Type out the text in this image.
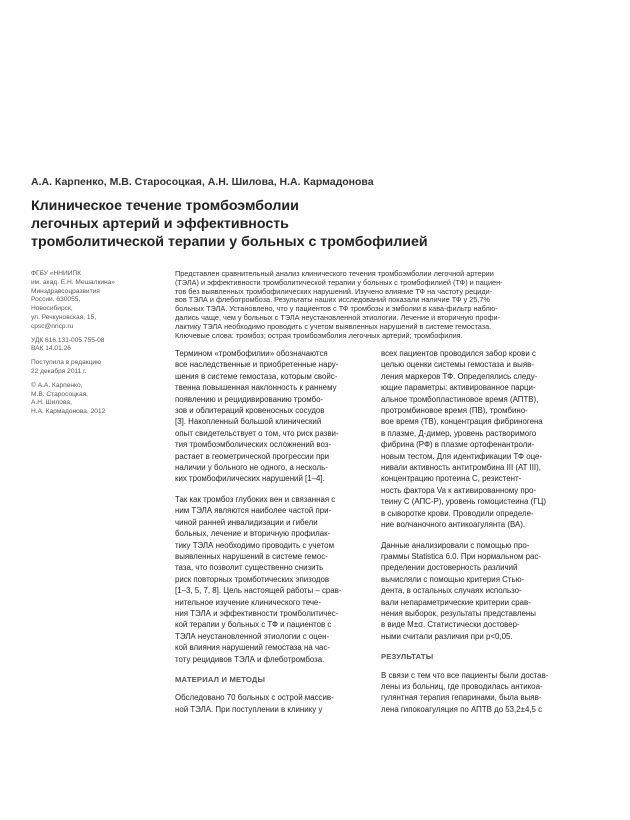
А.А. Карпенко, М.В. Старосоцкая, А.Н. Шилова, Н.А. Кармадонова
Клиническое течение тромбоэмболии
легочных артерий и эффективность
тромболитической терапии у больных с тромбофилией
ФГБУ «ННИИПК
им. акад. Е.Н. Мешалкина»
Минздравсоцразвития
России, 630055,
Новосибирск,
ул. Речкуновская, 15,
cpsc@nricp.ru
УДК 616.131-005.755-08
ВАК 14.01.26
Поступила в редакцию
22 декабря 2011 г.
© А.А. Карпенко,
М.В. Старосоцкая,
А.Н. Шилова,
Н.А. Кармадонова, 2012
Представлен сравнительный анализ клинического течения тромбоэмболии легочной артерии
(ТЭЛА) и эффективности тромболитической терапии у больных с тромбофилией (ТФ) и пациен-
тов без выявленных тромбофилических нарушений. Изучено влияние ТФ на частоту рециди-
вов ТЭЛА и флеботромбоза. Результаты наших исследований показали наличие ТФ у 25,7%
больных ТЭЛА. Установлено, что у пациентов с ТФ тромбозы и эмболии в кава-фильтр наблю-
дались чаще, чем у больных с ТЭЛА неустановленной этиологии. Лечение и вторичную профи-
лактику ТЭЛА необходимо проводить с учетом выявленных нарушений в системе гемостаза.
Ключевые слова: тромбоз; острая тромбоэмболия легочных артерий; тромбофилия.
Термином «тромбофилии» обозначаются
все наследственные и приобретенные нару-
шения в системе гемостаза, которым свойс-
твенна повышенная наклонность к раннему
появлению и рецидивированию тромбо-
зов и облитераций кровеносных сосудов
[3]. Накопленный большой клинический
опыт свидетельствует о том, что риск разви-
тия тромбоэмболических осложнений воз-
растает в геометрической прогрессии при
наличии у больного не одного, а несколь-
ких тромбофилических нарушений [1–4].
Так как тромбоз глубоких вен и связанная с
ним ТЭЛА являются наиболее частой при-
чиной ранней инвалидизации и гибели
больных, лечение и вторичную профилак-
тику ТЭЛА необходимо проводить с учетом
выявленных нарушений в системе гемос-
таза, что позволит существенно снизить
риск повторных тромботических эпизодов
[1–3, 5, 7, 8]. Цель настоящей работы – срав-
нительное изучение клинического тече-
ния ТЭЛА и эффективности тромболитичес-
кой терапии у больных с ТФ и пациентов с
ТЭЛА неустановленной этиологии с оцен-
кой влияния нарушений гемостаза на час-
тоту рецидивов ТЭЛА и флеботромбоза.
МАТЕРИАЛ И МЕТОДЫ
Обследовано 70 больных с острой массив-
ной ТЭЛА. При поступлении в клинику у
всех пациентов проводился забор крови с
целью оценки системы гемостаза и выяв-
ления маркеров ТФ. Определялись следу-
ющие параметры: активированное парци-
альное тромбопластиновое время (АПТВ),
протромбиновое время (ПВ), тромбино-
вое время (ТВ), концентрация фибриногена
в плазме, Д-димер, уровень растворимого
фибрина (РФ) в плазме ортофенантроли-
новым тестом. Для идентификации ТФ оце-
нивали активность антитромбина III (AT III),
концентрацию протеина С, резистент-
ность фактора Va к активированному про-
теину С (АПС-Р), уровень гомоцистеина (ГЦ)
в сыворотке крови. Проводили определе-
ние волчаночного антикоагулянта (ВА).
Данные анализировали с помощью про-
граммы Statistica 6.0. При нормальном рас-
пределении достоверность различий
вычисляли с помощью критерия Стью-
дента, в остальных случаях использо-
вали непараметрические критерии срав-
нения выборок, результаты представлены
в виде M±σ. Статистически достовер-
ными считали различия при р<0,05.
РЕЗУЛЬТАТЫ
В связи с тем что все пациенты были достав-
лены из больниц, где проводилась антикоа-
гулянтная терапия гепаринами, была выяв-
лена гипокоагуляция по АПТВ до 53,2±4,5 с
